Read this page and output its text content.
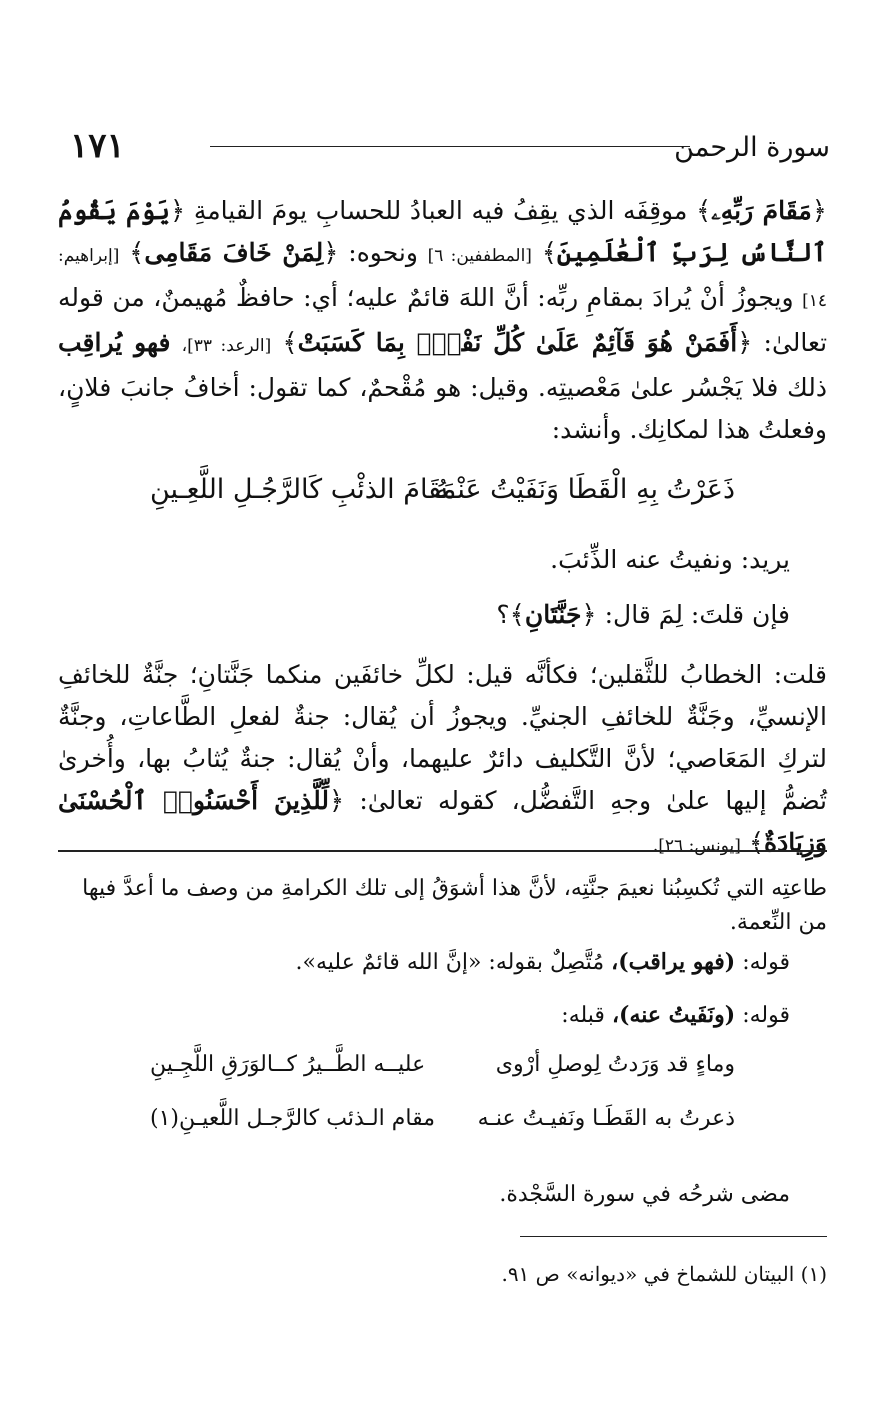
١٧١	سورة الرحمن
﴿مَقَامَ رَبِّهِۦ﴾ موقِفَه الذي يقِفُ فيه العبادُ للحسابِ يومَ القيامةِ ﴿يَوْمَ يَقُومُ ٱلنَّاسُ لِرَبِّ ٱلْعَٰلَمِينَ﴾ [المطففين: ٦] ونحوه: ﴿لِمَنْ خَافَ مَقَامِى﴾ [إبراهيم: ١٤] ويجوزُ أنْ يُرادَ بمقامِ ربِّه: أنَّ اللهَ قائمٌ عليه؛ أي: حافظٌ مُهيمنٌ، من قوله تعالىٰ: ﴿أَفَمَنْ هُوَ قَآئِمٌ عَلَىٰ كُلِّ نَفْسٍۭ بِمَا كَسَبَتْ﴾ [الرعد: ٣٣]، فهو يُراقِب ذلك فلا يَجْسُر علىٰ مَعْصيتِه. وقيل: هو مُقْحمٌ، كما تقول: أخافُ جانبَ فلانٍ، وفعلتُ هذا لمكانِك. وأنشد:
ذَعَرْتُ بِهِ الْقَطَا وَنَفَيْتُ عَنْـهُ
مَقَامَ الذئْبِ كَالرَّجُـلِ اللَّعِـينِ
يريد: ونفيتُ عنه الذِّئبَ.
فإن قلتَ: لِمَ قال: ﴿جَنَّتَانِ﴾؟
قلت: الخطابُ للثَّقلين؛ فكأنَّه قيل: لكلِّ خائفَين منكما جَنَّتانِ؛ جنَّةٌ للخائفِ الإنسيِّ، وجَنَّةٌ للخائفِ الجنيِّ. ويجوزُ أن يُقال: جنةٌ لفعلِ الطَّاعاتِ، وجنَّةٌ لتركِ المَعَاصي؛ لأنَّ التَّكليف دائرٌ عليهما، وأنْ يُقال: جنةٌ يُثابُ بها، وأُخرىٰ تُضمُّ إليها علىٰ وجهِ التَّفضُّل، كقوله تعالىٰ: ﴿لِّلَّذِينَ أَحْسَنُوا۟ ٱلْحُسْنَىٰ وَزِيَادَةٌ﴾ [يونس: ٢٦].
طاعتِه التي تُكسِبُنا نعيمَ جنَّتِه، لأنَّ هذا أشوَقُ إلى تلك الكرامةِ من وصف ما أعدَّ فيها من النِّعمة.
قوله: (فهو يراقب)، مُتَّصِلٌ بقوله: «إنَّ الله قائمٌ عليه».
قوله: (ونَفَيتُ عنه)، قبله:
وماءٍ قد وَرَدتُ لِوصلِ أرْوى
عليــه الطَّــيرُ كــالوَرَقِ اللَّجِـينِ
ذعرتُ به القَطَـا ونَفيـتُ عنـه
مقام الـذئب كالرَّجـل اللَّعيـنِ(١)
مضى شرحُه في سورة السَّجْدة.
(١) البيتان للشماخ في «ديوانه» ص ٩١.
